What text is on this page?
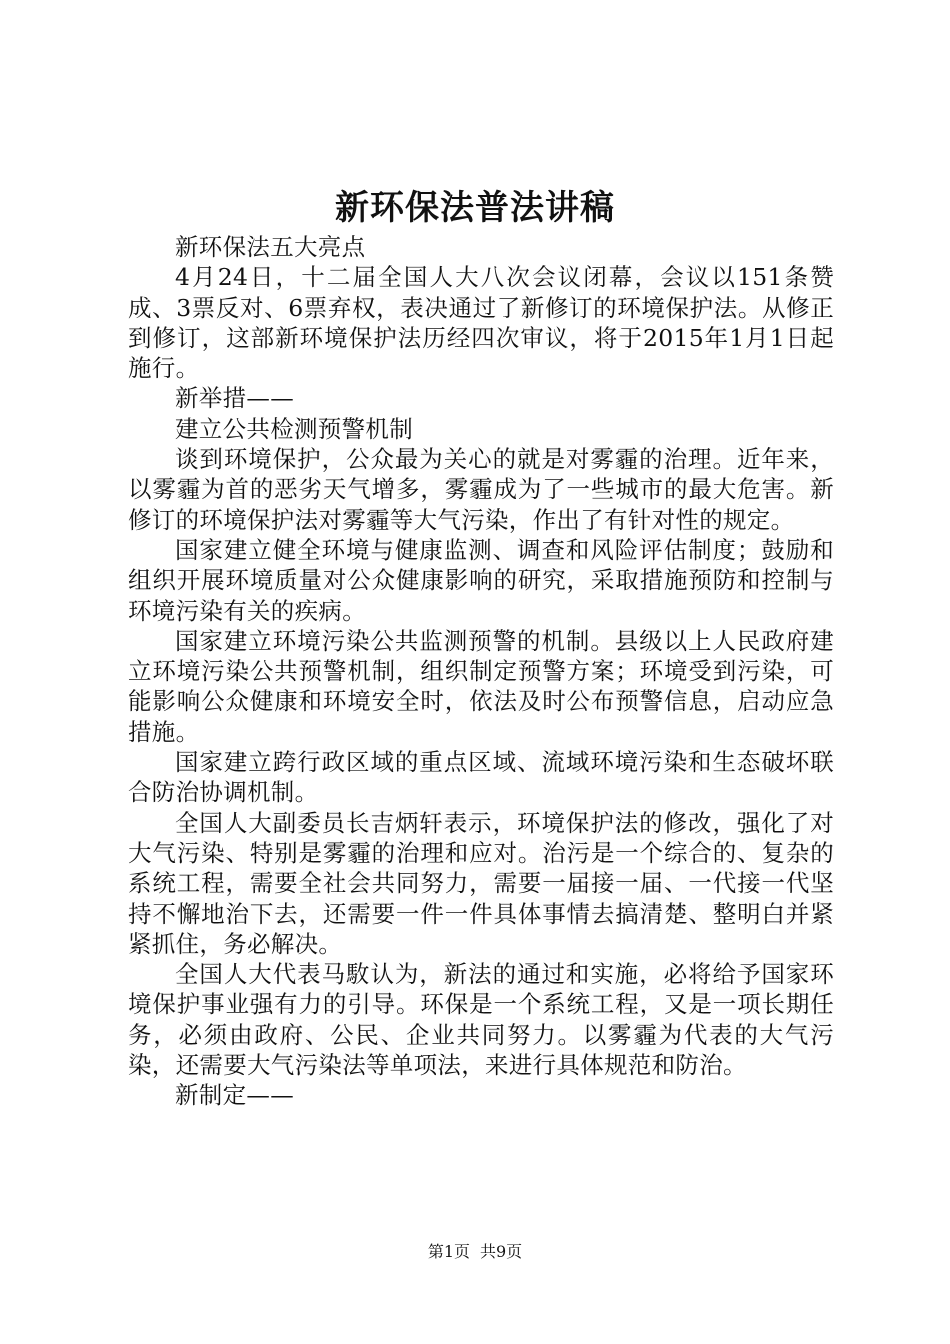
新环保法普法讲稿

新环保法五大亮点

4月24日，十二届全国人大八次会议闭幕，会议以151条赞成、3票反对、6票弃权，表决通过了新修订的环境保护法。从修正到修订，这部新环境保护法历经四次审议，将于2015年1月1日起施行。

新举措——

建立公共检测预警机制

谈到环境保护，公众最为关心的就是对雾霾的治理。近年来，以雾霾为首的恶劣天气增多，雾霾成为了一些城市的最大危害。新修订的环境保护法对雾霾等大气污染，作出了有针对性的规定。

国家建立健全环境与健康监测、调查和风险评估制度；鼓励和组织开展环境质量对公众健康影响的研究，采取措施预防和控制与环境污染有关的疾病。

国家建立环境污染公共监测预警的机制。县级以上人民政府建立环境污染公共预警机制，组织制定预警方案；环境受到污染，可能影响公众健康和环境安全时，依法及时公布预警信息，启动应急措施。

国家建立跨行政区域的重点区域、流域环境污染和生态破坏联合防治协调机制。

全国人大副委员长吉炳轩表示，环境保护法的修改，强化了对大气污染、特别是雾霾的治理和应对。治污是一个综合的、复杂的系统工程，需要全社会共同努力，需要一届接一届、一代接一代坚持不懈地治下去，还需要一件一件具体事情去搞清楚、整明白并紧紧抓住，务必解决。

全国人大代表马駇认为，新法的通过和实施，必将给予国家环境保护事业强有力的引导。环保是一个系统工程，又是一项长期任务，必须由政府、公民、企业共同努力。以雾霾为代表的大气污染，还需要大气污染法等单项法，来进行具体规范和防治。

新制定——

第1页 共9页
